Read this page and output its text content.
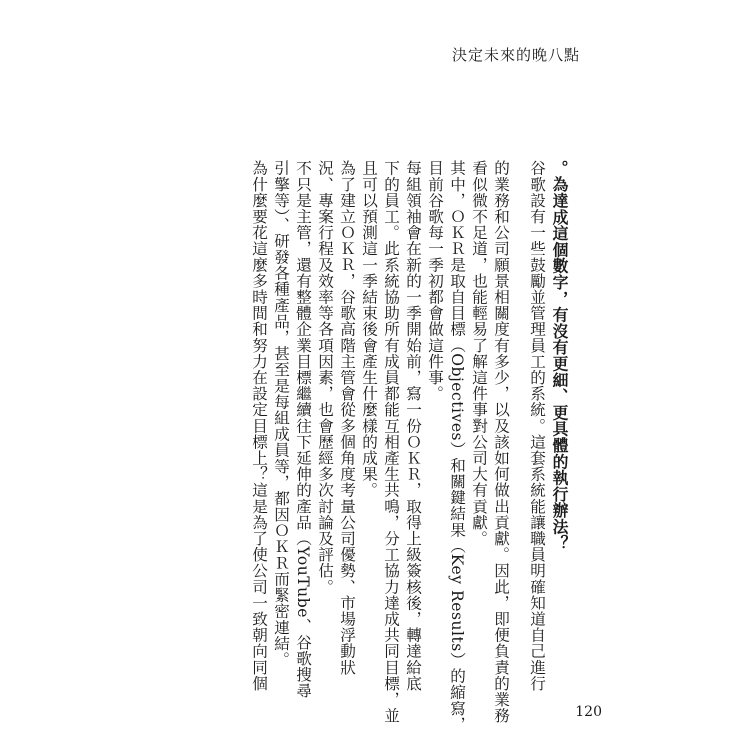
決定未來的晚八點
。為達成這個數字，有沒有更細、更具體的執行辦法？
谷歌設有一些鼓勵並管理員工的系統。這套系統能讓職員明確知道自己進行
的業務和公司願景相關度有多少，以及該如何做出貢獻。因此，即便負責的業務
看似微不足道，也能輕易了解這件事對公司大有貢獻。
其中，ＯＫＲ是取自目標（Objectives）和關鍵結果（Key Results）的縮寫，
目前谷歌每一季初都會做這件事。
每組領袖會在新的一季開始前，寫一份ＯＫＲ，取得上級簽核後，轉達給底
下的員工。此系統協助所有成員都能互相產生共鳴，分工協力達成共同目標，並
且可以預測這一季結束後會產生什麼樣的成果。
為了建立ＯＫＲ，谷歌高階主管會從多個角度考量公司優勢、市場浮動狀
況、專案行程及效率等各項因素，也會歷經多次討論及評估。
不只是主管，還有整體企業目標繼續往下延伸的產品（YouTube、谷歌搜尋
引擎等）、研發各種產品，甚至是每組成員等，都因ＯＫＲ而緊密連結。
為什麼要花這麼多時間和努力在設定目標上？這是為了使公司一致朝向同個
120
